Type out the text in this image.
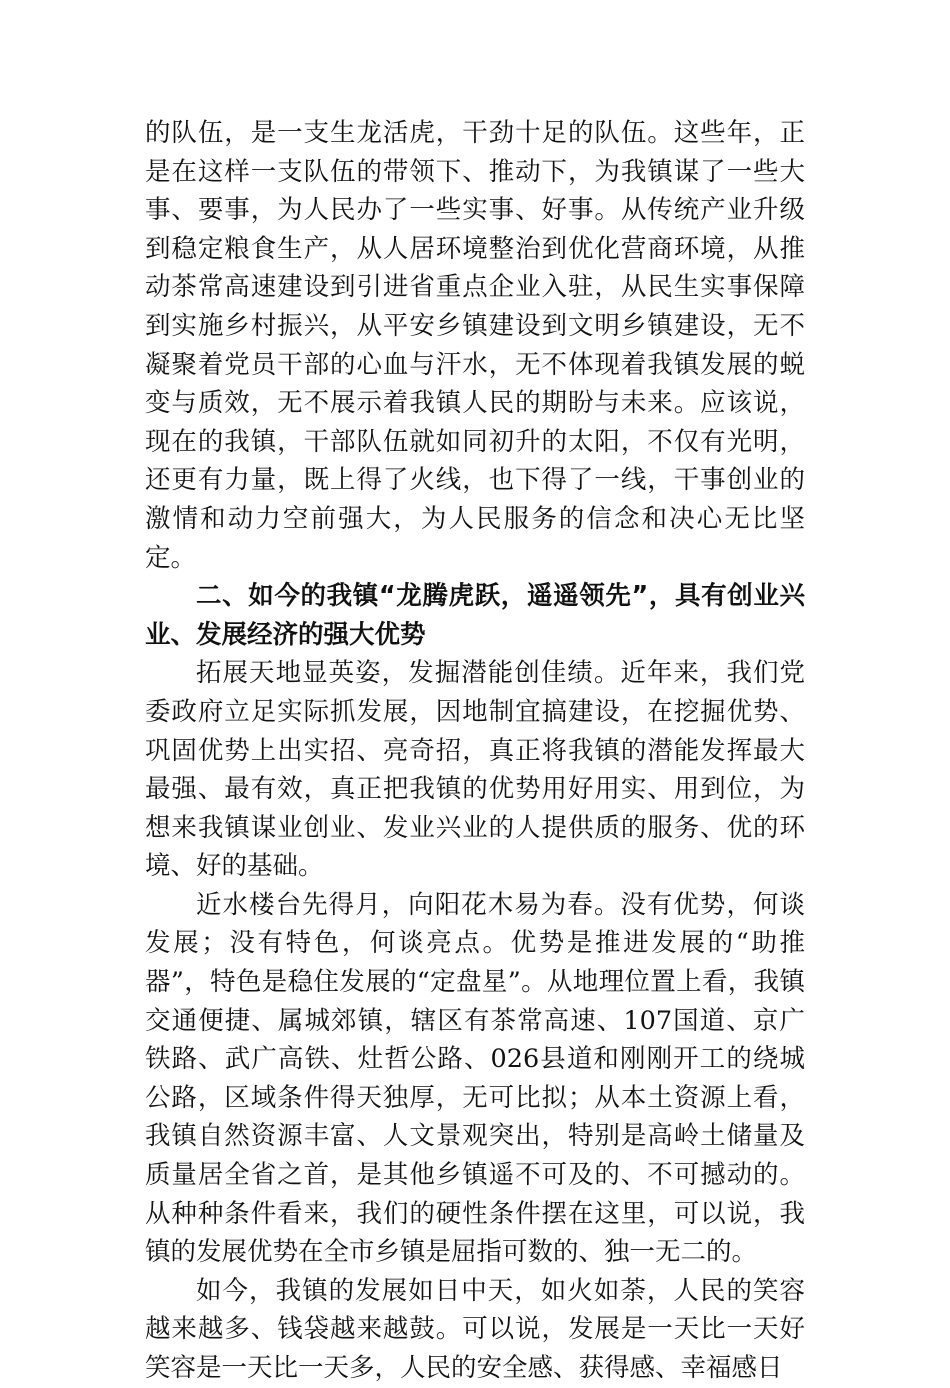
的队伍，是一支生龙活虎，干劲十足的队伍。这些年，正是在这样一支队伍的带领下、推动下，为我镇谋了一些大事、要事，为人民办了一些实事、好事。从传统产业升级到稳定粮食生产，从人居环境整治到优化营商环境，从推动茶常高速建设到引进省重点企业入驻，从民生实事保障到实施乡村振兴，从平安乡镇建设到文明乡镇建设，无不凝聚着党员干部的心血与汗水，无不体现着我镇发展的蜕变与质效，无不展示着我镇人民的期盼与未来。应该说，现在的我镇，干部队伍就如同初升的太阳，不仅有光明，还更有力量，既上得了火线，也下得了一线，干事创业的激情和动力空前强大，为人民服务的信念和决心无比坚定。

二、如今的我镇“龙腾虎跃，遥遥领先”，具有创业兴业、发展经济的强大优势

拓展天地显英姿，发掘潜能创佳绩。近年来，我们党委政府立足实际抓发展，因地制宜搞建设，在挖掘优势、巩固优势上出实招、亮奇招，真正将我镇的潜能发挥最大最强、最有效，真正把我镇的优势用好用实、用到位，为想来我镇谋业创业、发业兴业的人提供质的服务、优的环境、好的基础。

近水楼台先得月，向阳花木易为春。没有优势，何谈发展；没有特色，何谈亮点。优势是推进发展的“助推器”，特色是稳住发展的“定盘星”。从地理位置上看，我镇交通便捷、属城郊镇，辖区有茶常高速、107国道、京广铁路、武广高铁、灶哲公路、026县道和刚刚开工的绕城公路，区域条件得天独厚，无可比拟；从本土资源上看，我镇自然资源丰富、人文景观突出，特别是高岭土储量及质量居全省之首，是其他乡镇遥不可及的、不可撼动的。从种种条件看来，我们的硬性条件摆在这里，可以说，我镇的发展优势在全市乡镇是屈指可数的、独一无二的。

如今，我镇的发展如日中天，如火如荼，人民的笑容越来越多、钱袋越来越鼓。可以说，发展是一天比一天好笑容是一天比一天多，人民的安全感、获得感、幸福感日
